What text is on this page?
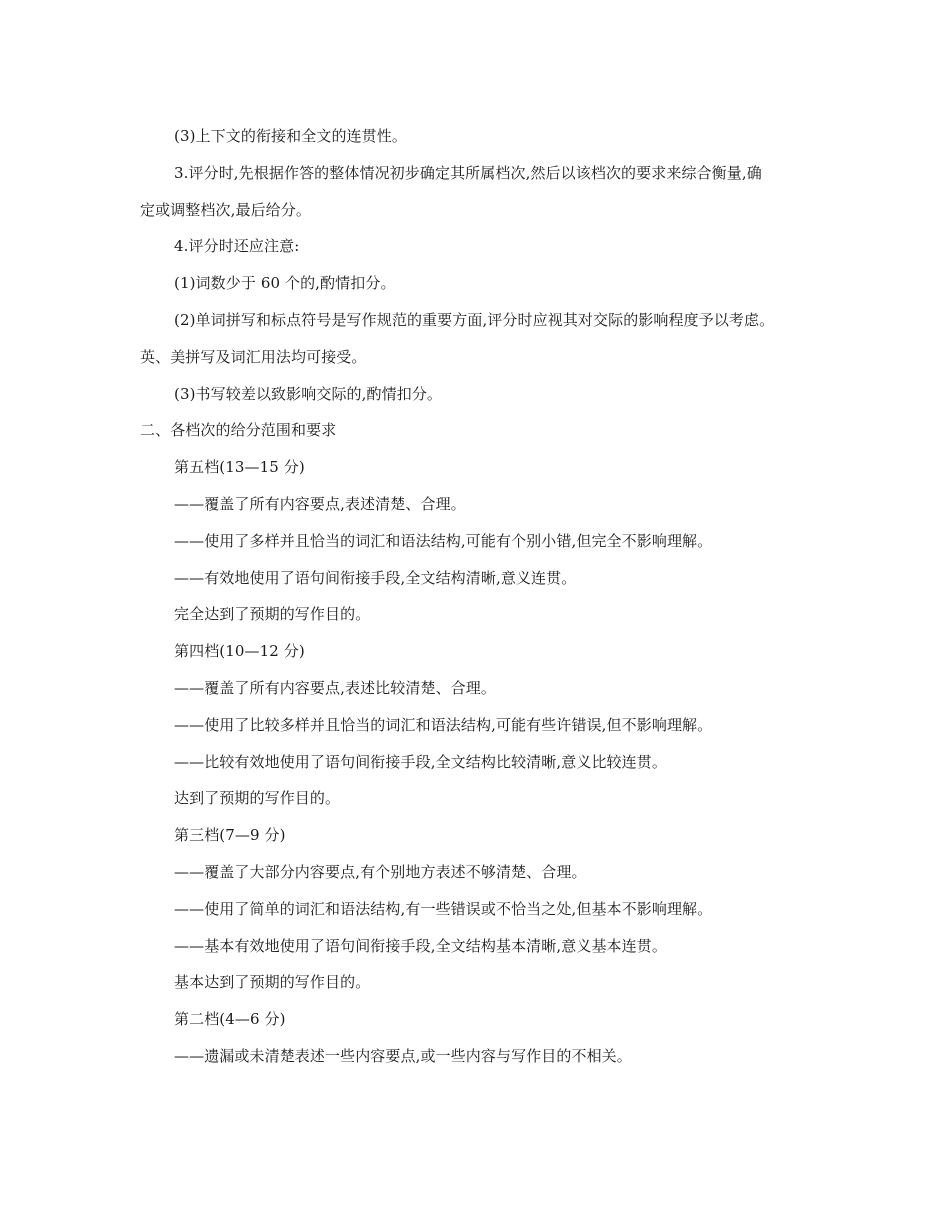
(3)上下文的衔接和全文的连贯性。
3.评分时,先根据作答的整体情况初步确定其所属档次,然后以该档次的要求来综合衡量,确
定或调整档次,最后给分。
4.评分时还应注意:
(1)词数少于 60 个的,酌情扣分。
(2)单词拼写和标点符号是写作规范的重要方面,评分时应视其对交际的影响程度予以考虑。
英、美拼写及词汇用法均可接受。
(3)书写较差以致影响交际的,酌情扣分。
二、各档次的给分范围和要求
第五档(13—15 分)
——覆盖了所有内容要点,表述清楚、合理。
——使用了多样并且恰当的词汇和语法结构,可能有个别小错,但完全不影响理解。
——有效地使用了语句间衔接手段,全文结构清晰,意义连贯。
完全达到了预期的写作目的。
第四档(10—12 分)
——覆盖了所有内容要点,表述比较清楚、合理。
——使用了比较多样并且恰当的词汇和语法结构,可能有些许错误,但不影响理解。
——比较有效地使用了语句间衔接手段,全文结构比较清晰,意义比较连贯。
达到了预期的写作目的。
第三档(7—9 分)
——覆盖了大部分内容要点,有个别地方表述不够清楚、合理。
——使用了简单的词汇和语法结构,有一些错误或不恰当之处,但基本不影响理解。
——基本有效地使用了语句间衔接手段,全文结构基本清晰,意义基本连贯。
基本达到了预期的写作目的。
第二档(4—6 分)
——遗漏或未清楚表述一些内容要点,或一些内容与写作目的不相关。
